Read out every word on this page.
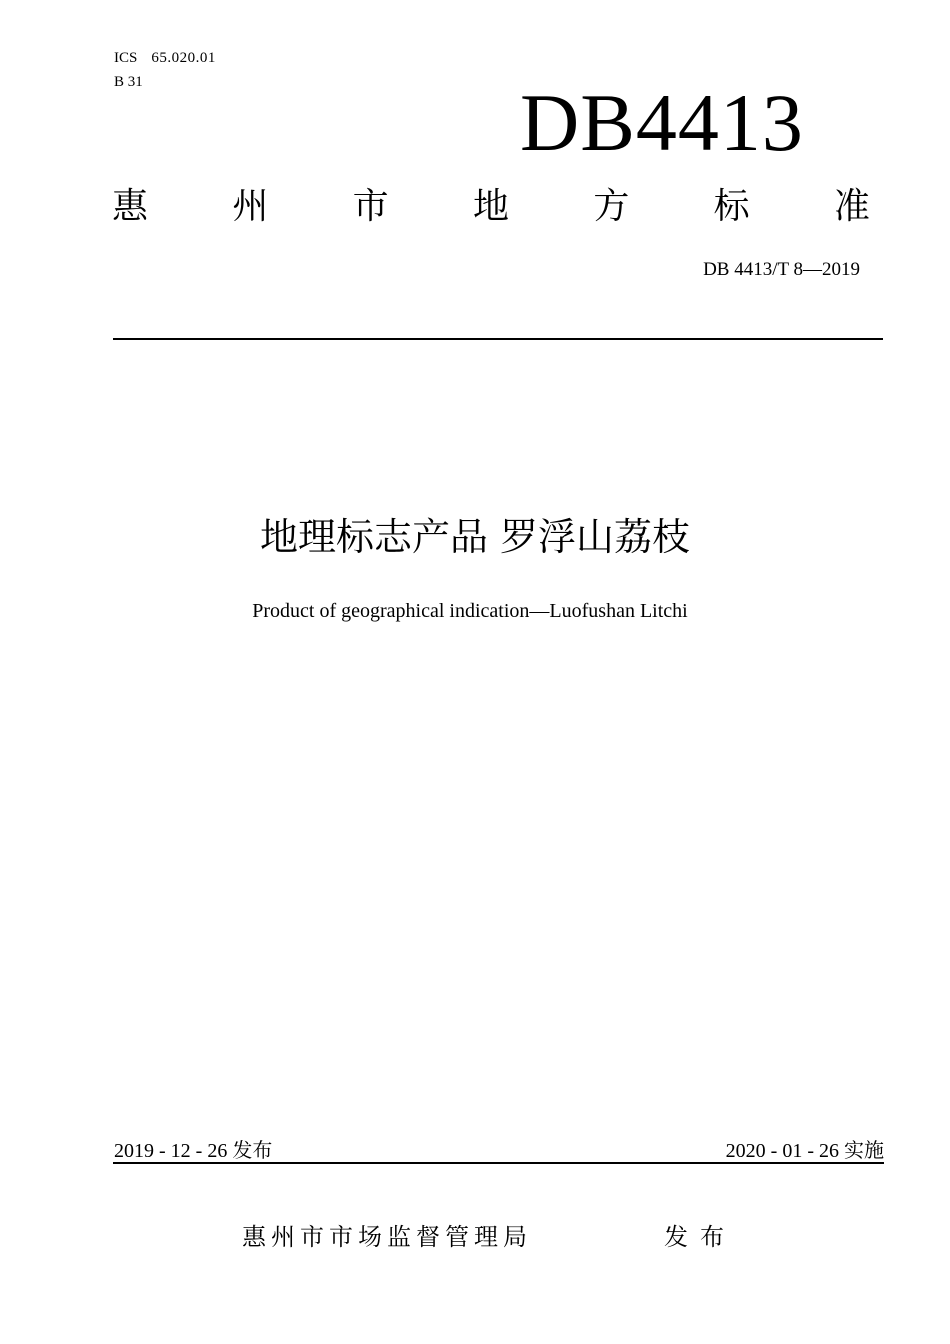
ICS 65.020.01
B 31	DB4413
惠 州 市 地 方 标 准
DB 4413/T 8—2019
地理标志产品 罗浮山荔枝
Product of geographical indication—Luofushan Litchi
2019 - 12 - 26 发布	2020 - 01 - 26 实施
惠州市市场监督管理局	发布
